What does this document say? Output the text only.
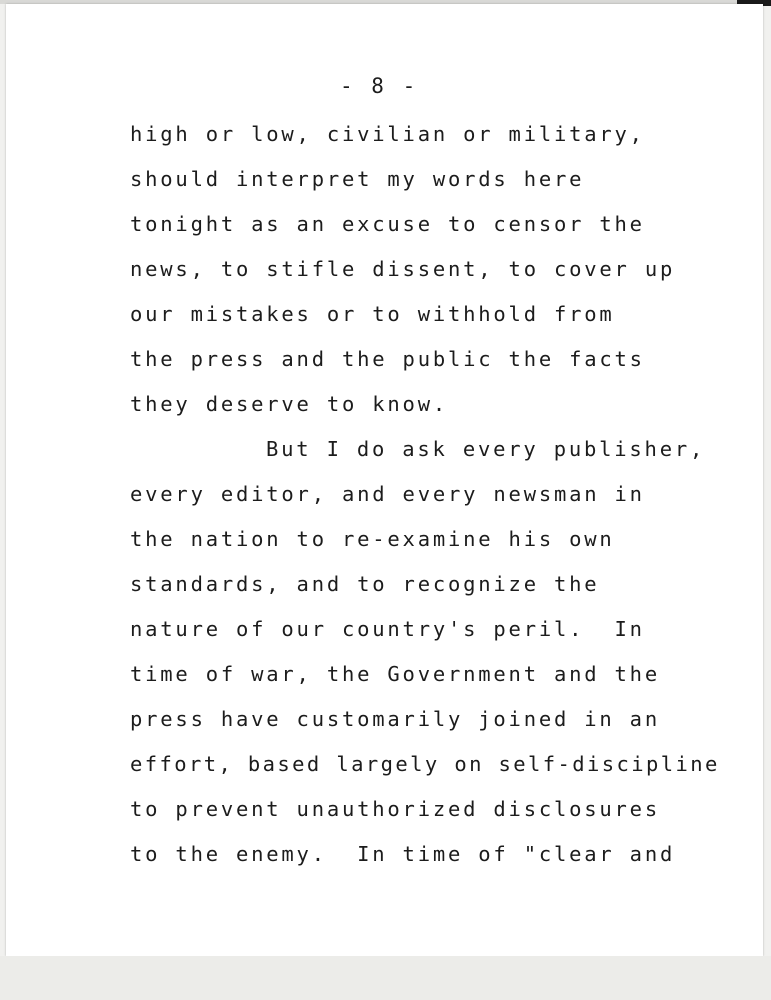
- 8 -
high or low, civilian or military,
should interpret my words here
tonight as an excuse to censor the
news, to stifle dissent, to cover up
our mistakes or to withhold from
the press and the public the facts
they deserve to know.
But I do ask every publisher,
every editor, and every newsman in
the nation to re-examine his own
standards, and to recognize the
nature of our country's peril.  In
time of war, the Government and the
press have customarily joined in an
effort, based largely on self-discipline
to prevent unauthorized disclosures
to the enemy.  In time of "clear and
